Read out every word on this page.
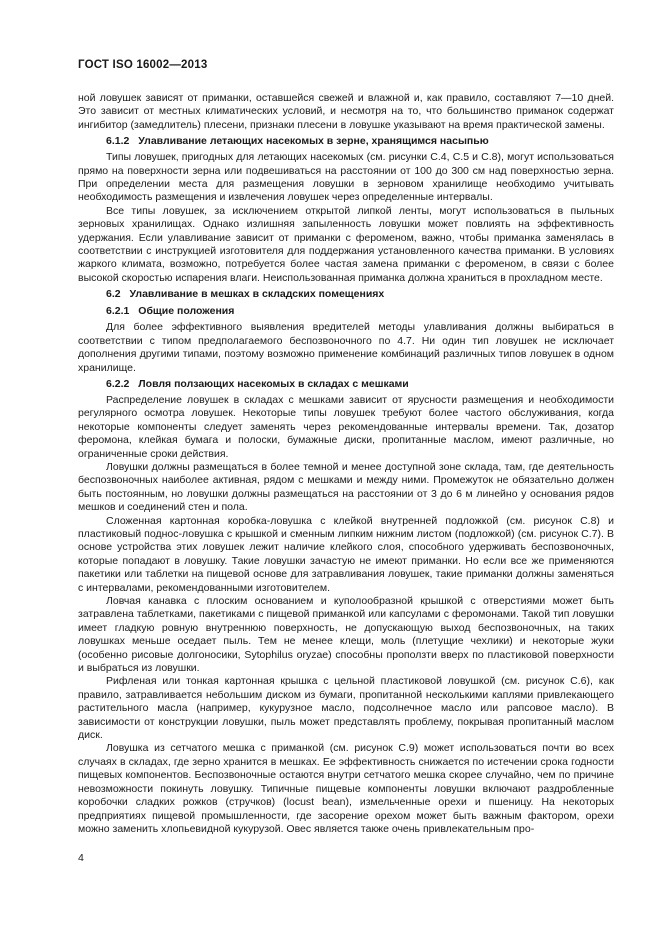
ГОСТ ISO 16002—2013

ной ловушек зависят от приманки, оставшейся свежей и влажной и, как правило, составляют 7—10 дней. Это зависит от местных климатических условий, и несмотря на то, что большинство приманок содержат ингибитор (замедлитель) плесени, признаки плесени в ловушке указывают на время практической замены.

6.1.2 Улавливание летающих насекомых в зерне, хранящимся насыпью

Типы ловушек, пригодных для летающих насекомых (см. рисунки С.4, С.5 и С.8), могут использоваться прямо на поверхности зерна или подвешиваться на расстоянии от 100 до 300 см над поверхностью зерна. При определении места для размещения ловушки в зерновом хранилище необходимо учитывать необходимость размещения и извлечения ловушек через определенные интервалы.

Все типы ловушек, за исключением открытой липкой ленты, могут использоваться в пыльных зерновых хранилищах. Однако излишняя запыленность ловушки может повлиять на эффективность удержания. Если улавливание зависит от приманки с фероменом, важно, чтобы приманка заменялась в соответствии с инструкцией изготовителя для поддержания установленного качества приманки. В условиях жаркого климата, возможно, потребуется более частая замена приманки с фероменом, в связи с более высокой скоростью испарения влаги. Неиспользованная приманка должна храниться в прохладном месте.

6.2 Улавливание в мешках в складских помещениях
6.2.1 Общие положения

Для более эффективного выявления вредителей методы улавливания должны выбираться в соответствии с типом предполагаемого беспозвоночного по 4.7. Ни один тип ловушек не исключает дополнения другими типами, поэтому возможно применение комбинаций различных типов ловушек в одном хранилище.

6.2.2 Ловля ползающих насекомых в складах с мешками

Распределение ловушек в складах с мешками зависит от ярусности размещения и необходимости регулярного осмотра ловушек. Некоторые типы ловушек требуют более частого обслуживания, когда некоторые компоненты следует заменять через рекомендованные интервалы времени. Так, дозатор феромона, клейкая бумага и полоски, бумажные диски, пропитанные маслом, имеют различные, но ограниченные сроки действия.

Ловушки должны размещаться в более темной и менее доступной зоне склада, там, где деятельность беспозвоночных наиболее активная, рядом с мешками и между ними. Промежуток не обязательно должен быть постоянным, но ловушки должны размещаться на расстоянии от 3 до 6 м линейно у основания рядов мешков и соединений стен и пола.

Сложенная картонная коробка-ловушка с клейкой внутренней подложкой (см. рисунок С.8) и пластиковый поднос-ловушка с крышкой и сменным липким нижним листом (подложкой) (см. рисунок С.7). В основе устройства этих ловушек лежит наличие клейкого слоя, способного удерживать беспозвоночных, которые попадают в ловушку. Такие ловушки зачастую не имеют приманки. Но если все же применяются пакетики или таблетки на пищевой основе для затравливания ловушек, такие приманки должны заменяться с интервалами, рекомендованными изготовителем.

Ловчая канавка с плоским основанием и куполообразной крышкой с отверстиями может быть затравлена таблетками, пакетиками с пищевой приманкой или капсулами с феромонами. Такой тип ловушки имеет гладкую ровную внутреннюю поверхность, не допускающую выход беспозвоночных, на таких ловушках меньше оседает пыль. Тем не менее клещи, моль (плетущие чехлики) и некоторые жуки (особенно рисовые долгоносики, Sytophilus oryzae) способны проползти вверх по пластиковой поверхности и выбраться из ловушки.

Рифленая или тонкая картонная крышка с цельной пластиковой ловушкой (см. рисунок С.6), как правило, затравливается небольшим диском из бумаги, пропитанной несколькими каплями привлекающего растительного масла (например, кукурузное масло, подсолнечное масло или рапсовое масло). В зависимости от конструкции ловушки, пыль может представлять проблему, покрывая пропитанный маслом диск.

Ловушка из сетчатого мешка с приманкой (см. рисунок С.9) может использоваться почти во всех случаях в складах, где зерно хранится в мешках. Ее эффективность снижается по истечении срока годности пищевых компонентов. Беспозвоночные остаются внутри сетчатого мешка скорее случайно, чем по причине невозможности покинуть ловушку. Типичные пищевые компоненты ловушки включают раздробленные коробочки сладких рожков (стручков) (locust bean), измельченные орехи и пшеницу. На некоторых предприятиях пищевой промышленности, где засорение орехом может быть важным фактором, орехи можно заменить хлопьевидной кукурузой. Овес является также очень привлекательным про-

4
